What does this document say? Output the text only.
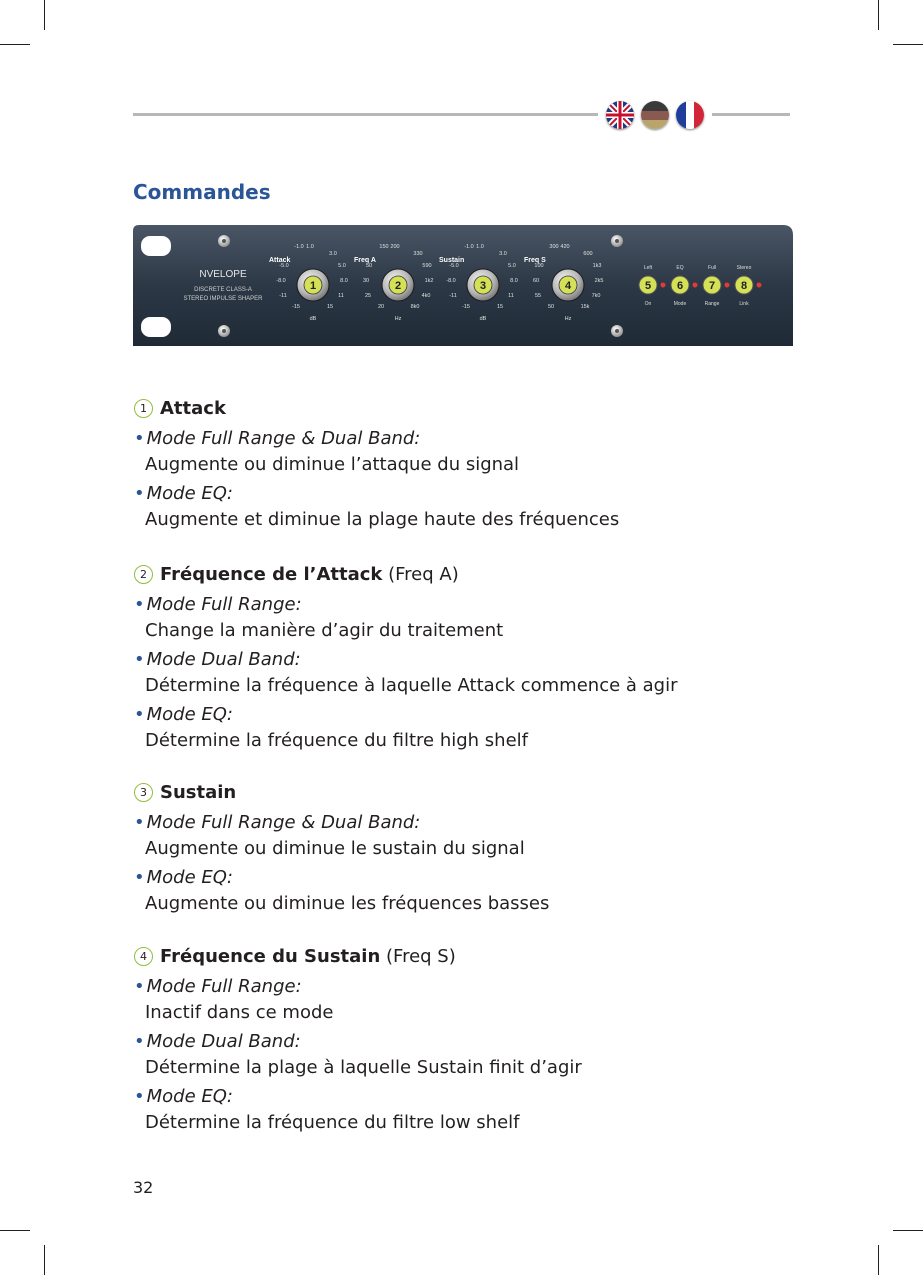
Commandes
NVELOPE
DISCRETE CLASS-A
STEREO IMPULSE SHAPER
Attack
-1.0 1.0
3.0
5.0
8.0
11
15
-15
-11
-8.0
-5.0
dB
1
Freq A
150 200
330
590
1k2
4k0
8k0
20
25
30
50
Hz
2
Sustain
-1.0 1.0
3.0
5.0
8.0
11
15
-15
-11
-8.0
-5.0
dB
3
Freq S
300 420
600
1k3
2k5
7k0
15k
50
55
60
100
Hz
4
Left
On
5
EQ
Mode
6
Full
Range
7
Stereo
Link
8
1 Attack
• Mode Full Range & Dual Band:
Augmente ou diminue l’attaque du signal
• Mode EQ:
Augmente et diminue la plage haute des fréquences
2 Fréquence de l’Attack (Freq A)
• Mode Full Range:
Change la manière d’agir du traitement
• Mode Dual Band:
Détermine la fréquence à laquelle Attack commence à agir
• Mode EQ:
Détermine la fréquence du filtre high shelf
3 Sustain
• Mode Full Range & Dual Band:
Augmente ou diminue le sustain du signal
• Mode EQ:
Augmente ou diminue les fréquences basses
4 Fréquence du Sustain (Freq S)
• Mode Full Range:
Inactif dans ce mode
• Mode Dual Band:
Détermine la plage à laquelle Sustain finit d’agir
• Mode EQ:
Détermine la fréquence du filtre low shelf
32
